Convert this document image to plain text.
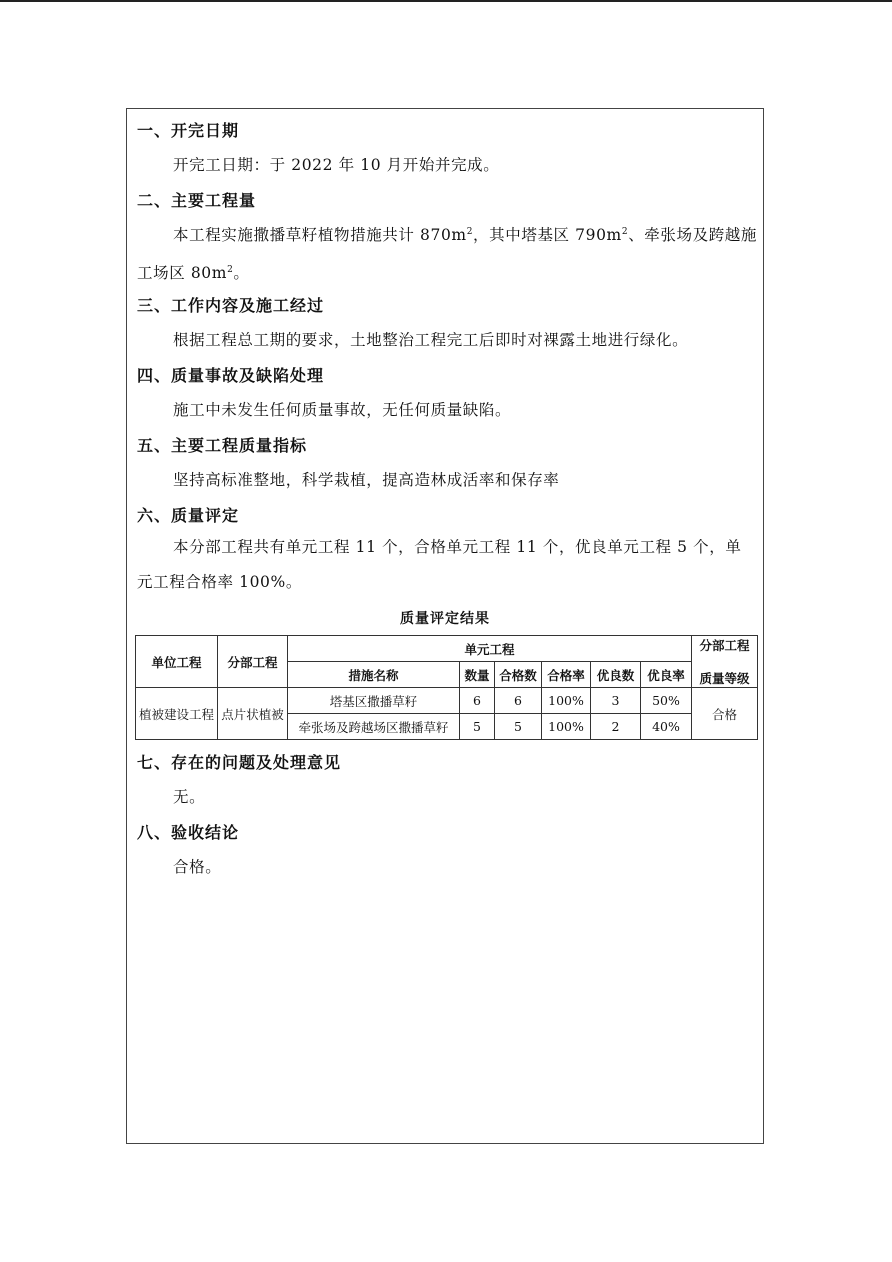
一、开完日期
开完工日期：于 2022 年 10 月开始并完成。
二、主要工程量
本工程实施撒播草籽植物措施共计 $870m^2$，其中塔基区 $790m^2$、牵张场及跨越施工场区 $80m^2$。
三、工作内容及施工经过
根据工程总工期的要求，土地整治工程完工后即时对裸露土地进行绿化。
四、质量事故及缺陷处理
施工中未发生任何质量事故，无任何质量缺陷。
五、主要工程质量指标
坚持高标准整地，科学栽植，提高造林成活率和保存率
六、质量评定
本分部工程共有单元工程 11 个，合格单元工程 11 个，优良单元工程 5 个，单元工程合格率 100%。
质量评定结果
单位工程	分部工程	单元工程						分部工程

质量等级
		措施名称	数量	合格数	合格率	优良数	优良率	
植被建设工程	点片状植被	塔基区撒播草籽	6	6	100%	3	50%	合格
		牵张场及跨越场区撒播草籽	5	5	100%	2	40%	
七、存在的问题及处理意见
无。
八、验收结论
合格。
